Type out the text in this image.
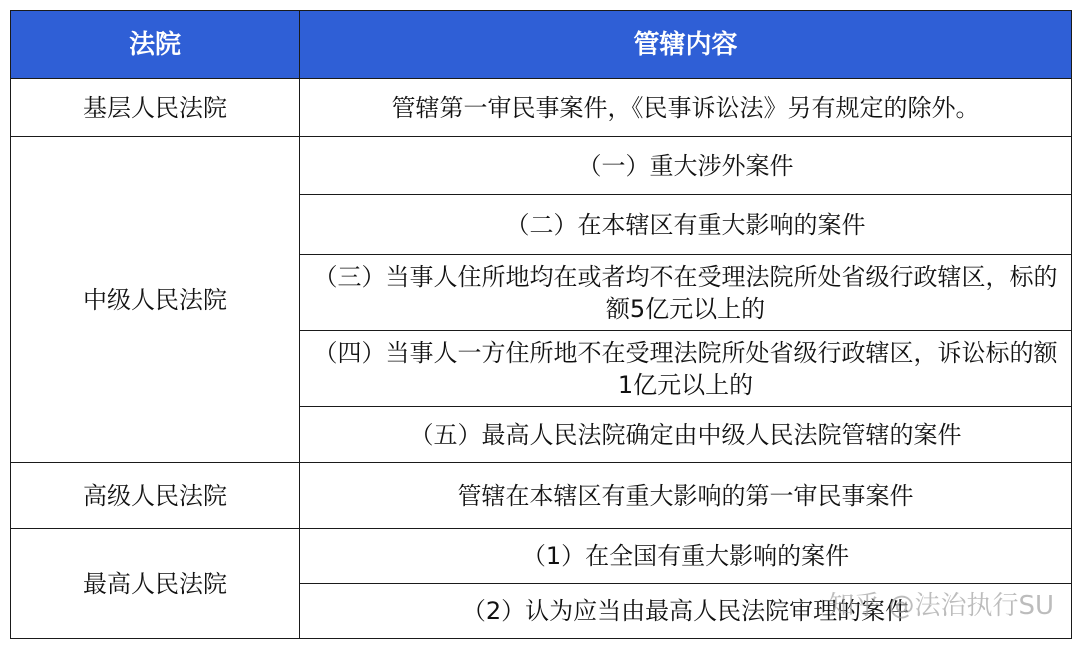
法院	管辖内容
基层人民法院	管辖第一审民事案件，《民事诉讼法》另有规定的除外。
中级人民法院	（一）重大涉外案件
	（二）在本辖区有重大影响的案件
	（三）当事人住所地均在或者均不在受理法院所处省级行政辖区，标的额5亿元以上的
	（四）当事人一方住所地不在受理法院所处省级行政辖区，诉讼标的额1亿元以上的
	（五）最高人民法院确定由中级人民法院管辖的案件
高级人民法院	管辖在本辖区有重大影响的第一审民事案件
最高人民法院	（1）在全国有重大影响的案件
	（2）认为应当由最高人民法院审理的案件
知乎 @法治执行SU
